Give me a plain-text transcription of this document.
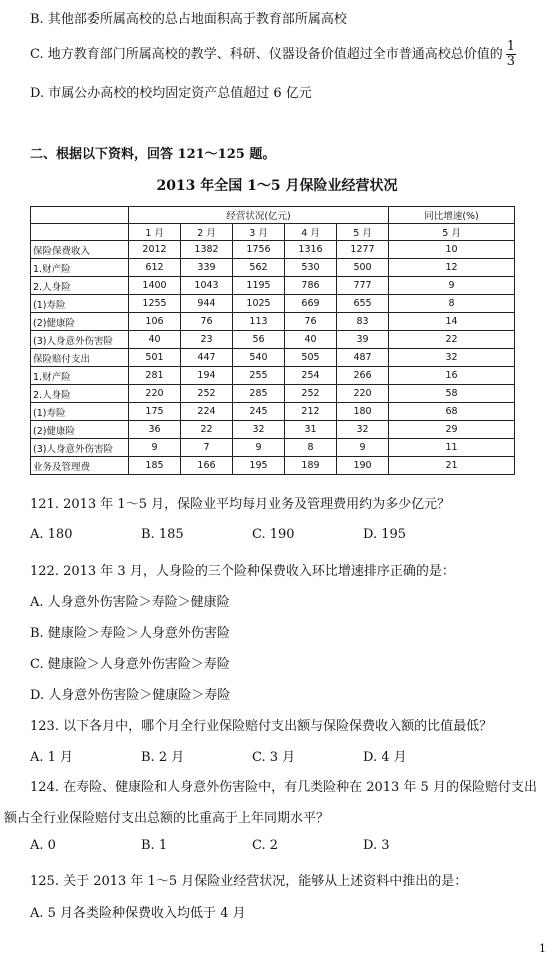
B. 其他部委所属高校的总占地面积高于教育部所属高校
C. 地方教育部门所属高校的教学、科研、仪器设备价值超过全市普通高校总价值的 $\frac{1}{3}$
D. 市属公办高校的校均固定资产总值超过 6 亿元
二、根据以下资料，回答 121～125 题。
2013 年全国 1～5 月保险业经营状况
	经营状况(亿元)					同比增速(%)
	1 月	2 月	3 月	4 月	5 月	5 月
保险保费收入	2012	1382	1756	1316	1277	10
1.财产险	612	339	562	530	500	12
2.人身险	1400	1043	1195	786	777	9
(1)寿险	1255	944	1025	669	655	8
(2)健康险	106	76	113	76	83	14
(3)人身意外伤害险	40	23	56	40	39	22
保险赔付支出	501	447	540	505	487	32
1.财产险	281	194	255	254	266	16
2.人身险	220	252	285	252	220	58
(1)寿险	175	224	245	212	180	68
(2)健康险	36	22	32	31	32	29
(3)人身意外伤害险	9	7	9	8	9	11
业务及管理费	185	166	195	189	190	21
121. 2013 年 1～5 月，保险业平均每月业务及管理费用约为多少亿元？
A. 180	B. 185	C. 190	D. 195
122. 2013 年 3 月，人身险的三个险种保费收入环比增速排序正确的是：
A. 人身意外伤害险＞寿险＞健康险
B. 健康险＞寿险＞人身意外伤害险
C. 健康险＞人身意外伤害险＞寿险
D. 人身意外伤害险＞健康险＞寿险
123. 以下各月中，哪个月全行业保险赔付支出额与保险保费收入额的比值最低？
A. 1 月	B. 2 月	C. 3 月	D. 4 月
124. 在寿险、健康险和人身意外伤害险中，有几类险种在 2013 年 5 月的保险赔付支出
额占全行业保险赔付支出总额的比重高于上年同期水平？
A. 0	B. 1	C. 2	D. 3
125. 关于 2013 年 1～5 月保险业经营状况，能够从上述资料中推出的是：
A. 5 月各类险种保费收入均低于 4 月
1
